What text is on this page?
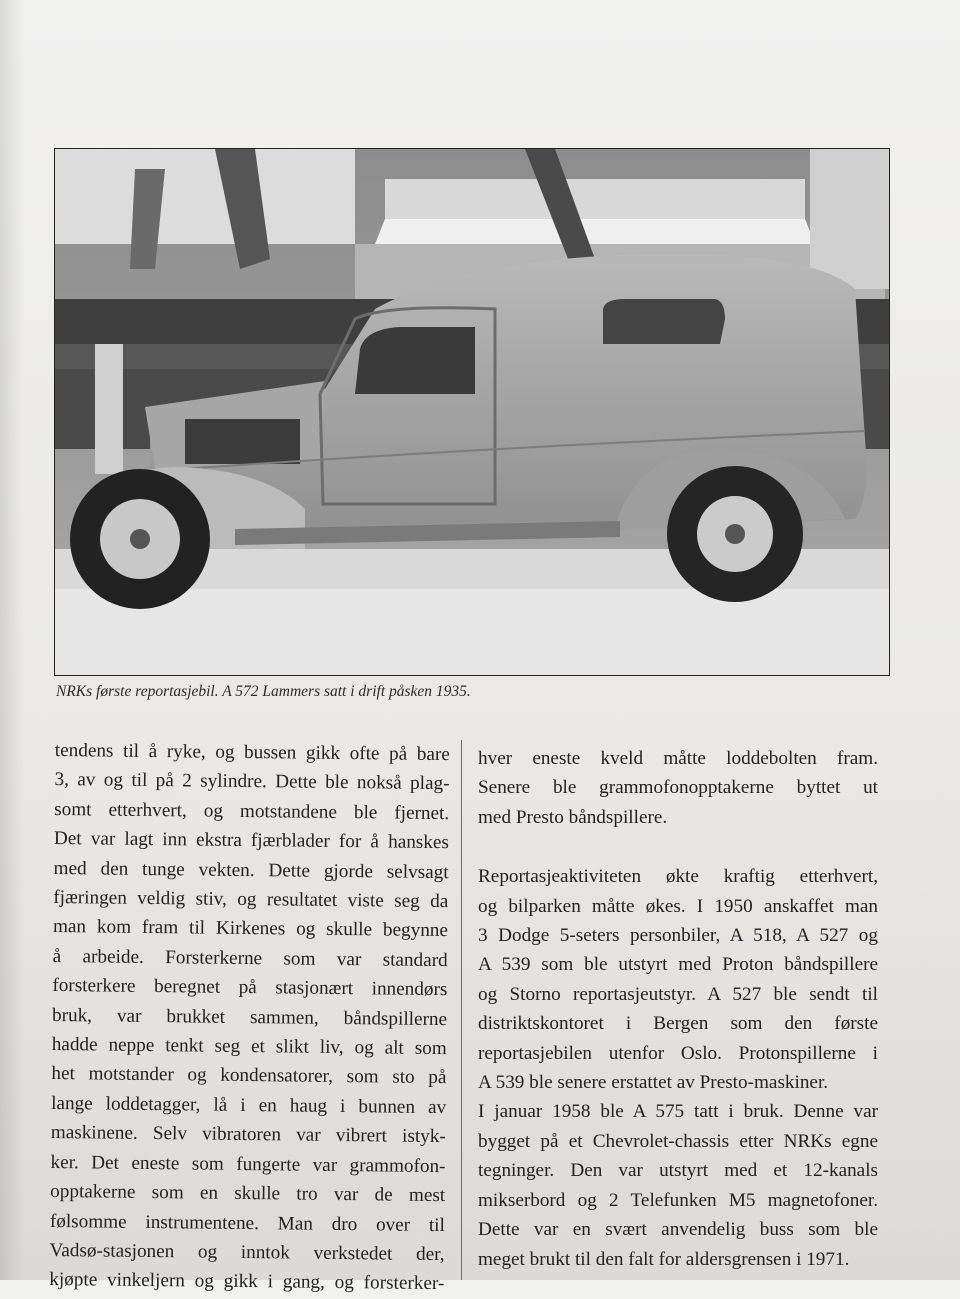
NRKs første reportasjebil. A 572 Lammers satt i drift påsken 1935.
tendens til å ryke, og bussen gikk ofte på bare
3, av og til på 2 sylindre. Dette ble nokså plag-
somt etterhvert, og motstandene ble fjernet.
Det var lagt inn ekstra fjærblader for å hanskes
med den tunge vekten. Dette gjorde selvsagt
fjæringen veldig stiv, og resultatet viste seg da
man kom fram til Kirkenes og skulle begynne
å arbeide. Forsterkerne som var standard
forsterkere beregnet på stasjonært innendørs
bruk, var brukket sammen, båndspillerne
hadde neppe tenkt seg et slikt liv, og alt som
het motstander og kondensatorer, som sto på
lange loddetagger, lå i en haug i bunnen av
maskinene. Selv vibratoren var vibrert istyk-
ker. Det eneste som fungerte var grammofon-
opptakerne som en skulle tro var de mest
følsomme instrumentene. Man dro over til
Vadsø-stasjonen og inntok verkstedet der,
kjøpte vinkeljern og gikk i gang, og forsterker-
hver eneste kveld måtte loddebolten fram.
Senere ble grammofonopptakerne byttet ut
med Presto båndspillere.
Reportasjeaktiviteten økte kraftig etterhvert,
og bilparken måtte økes. I 1950 anskaffet man
3 Dodge 5-seters personbiler, A 518, A 527 og
A 539 som ble utstyrt med Proton båndspillere
og Storno reportasjeutstyr. A 527 ble sendt til
distriktskontoret i Bergen som den første
reportasjebilen utenfor Oslo. Protonspillerne i
A 539 ble senere erstattet av Presto-maskiner.
I januar 1958 ble A 575 tatt i bruk. Denne var
bygget på et Chevrolet-chassis etter NRKs egne
tegninger. Den var utstyrt med et 12-kanals
mikserbord og 2 Telefunken M5 magnetofoner.
Dette var en svært anvendelig buss som ble
meget brukt til den falt for aldersgrensen i 1971.
